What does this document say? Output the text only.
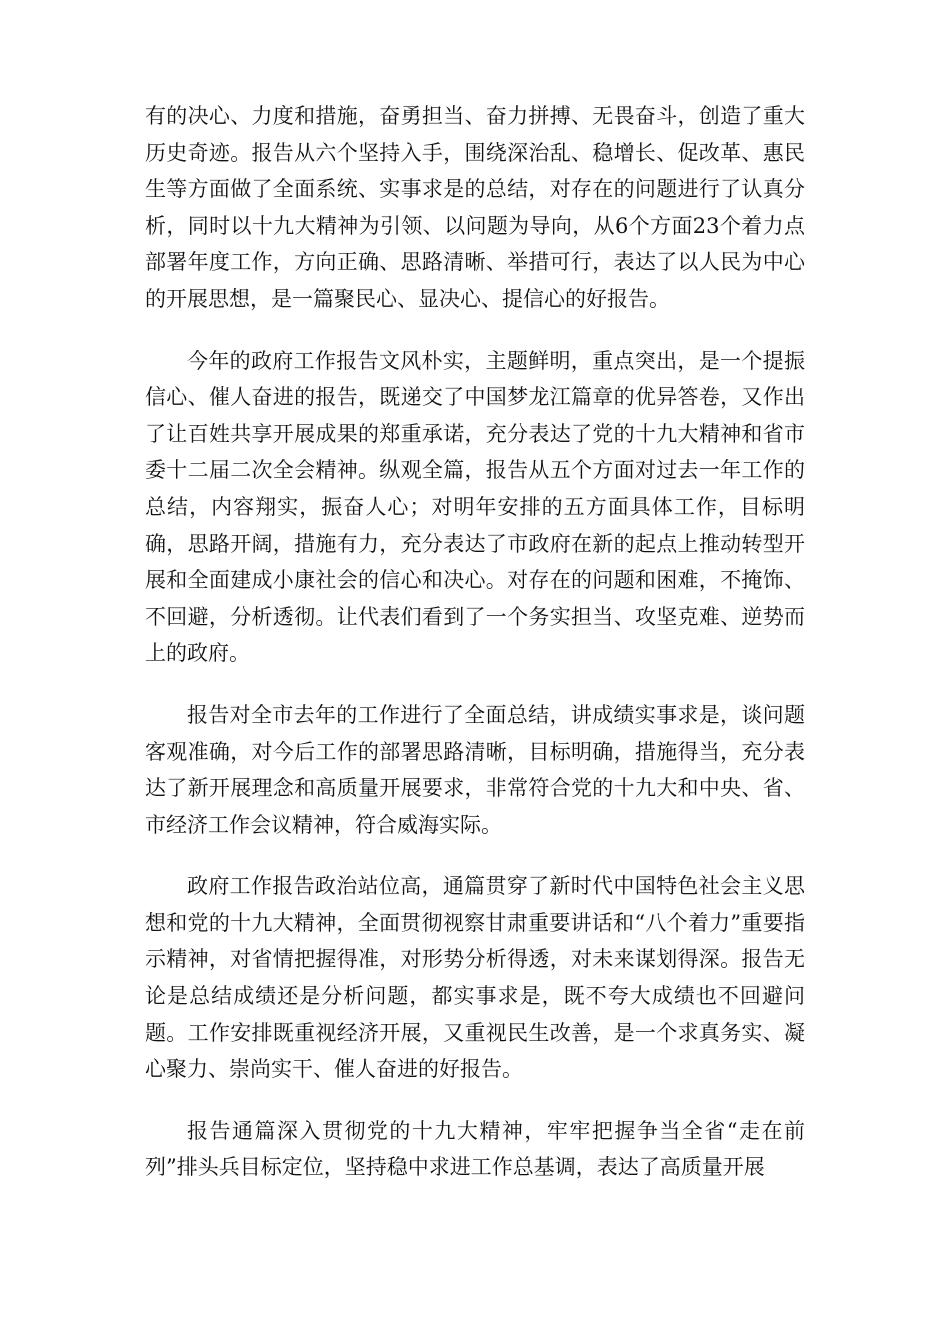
有的决心、力度和措施，奋勇担当、奋力拼搏、无畏奋斗，创造了重大历史奇迹。报告从六个坚持入手，围绕深治乱、稳增长、促改革、惠民生等方面做了全面系统、实事求是的总结，对存在的问题进行了认真分析，同时以十九大精神为引领、以问题为导向，从6个方面23个着力点部署年度工作，方向正确、思路清晰、举措可行，表达了以人民为中心的开展思想，是一篇聚民心、显决心、提信心的好报告。

今年的政府工作报告文风朴实，主题鲜明，重点突出，是一个提振信心、催人奋进的报告，既递交了中国梦龙江篇章的优异答卷，又作出了让百姓共享开展成果的郑重承诺，充分表达了党的十九大精神和省市委十二届二次全会精神。纵观全篇，报告从五个方面对过去一年工作的总结，内容翔实，振奋人心；对明年安排的五方面具体工作，目标明确，思路开阔，措施有力，充分表达了市政府在新的起点上推动转型开展和全面建成小康社会的信心和决心。对存在的问题和困难，不掩饰、不回避，分析透彻。让代表们看到了一个务实担当、攻坚克难、逆势而上的政府。

报告对全市去年的工作进行了全面总结，讲成绩实事求是，谈问题客观准确，对今后工作的部署思路清晰，目标明确，措施得当，充分表达了新开展理念和高质量开展要求，非常符合党的十九大和中央、省、市经济工作会议精神，符合威海实际。

政府工作报告政治站位高，通篇贯穿了新时代中国特色社会主义思想和党的十九大精神，全面贯彻视察甘肃重要讲话和“八个着力”重要指示精神，对省情把握得准，对形势分析得透，对未来谋划得深。报告无论是总结成绩还是分析问题，都实事求是，既不夸大成绩也不回避问题。工作安排既重视经济开展，又重视民生改善，是一个求真务实、凝心聚力、崇尚实干、催人奋进的好报告。

报告通篇深入贯彻党的十九大精神，牢牢把握争当全省“走在前列”排头兵目标定位，坚持稳中求进工作总基调，表达了高质量开展
